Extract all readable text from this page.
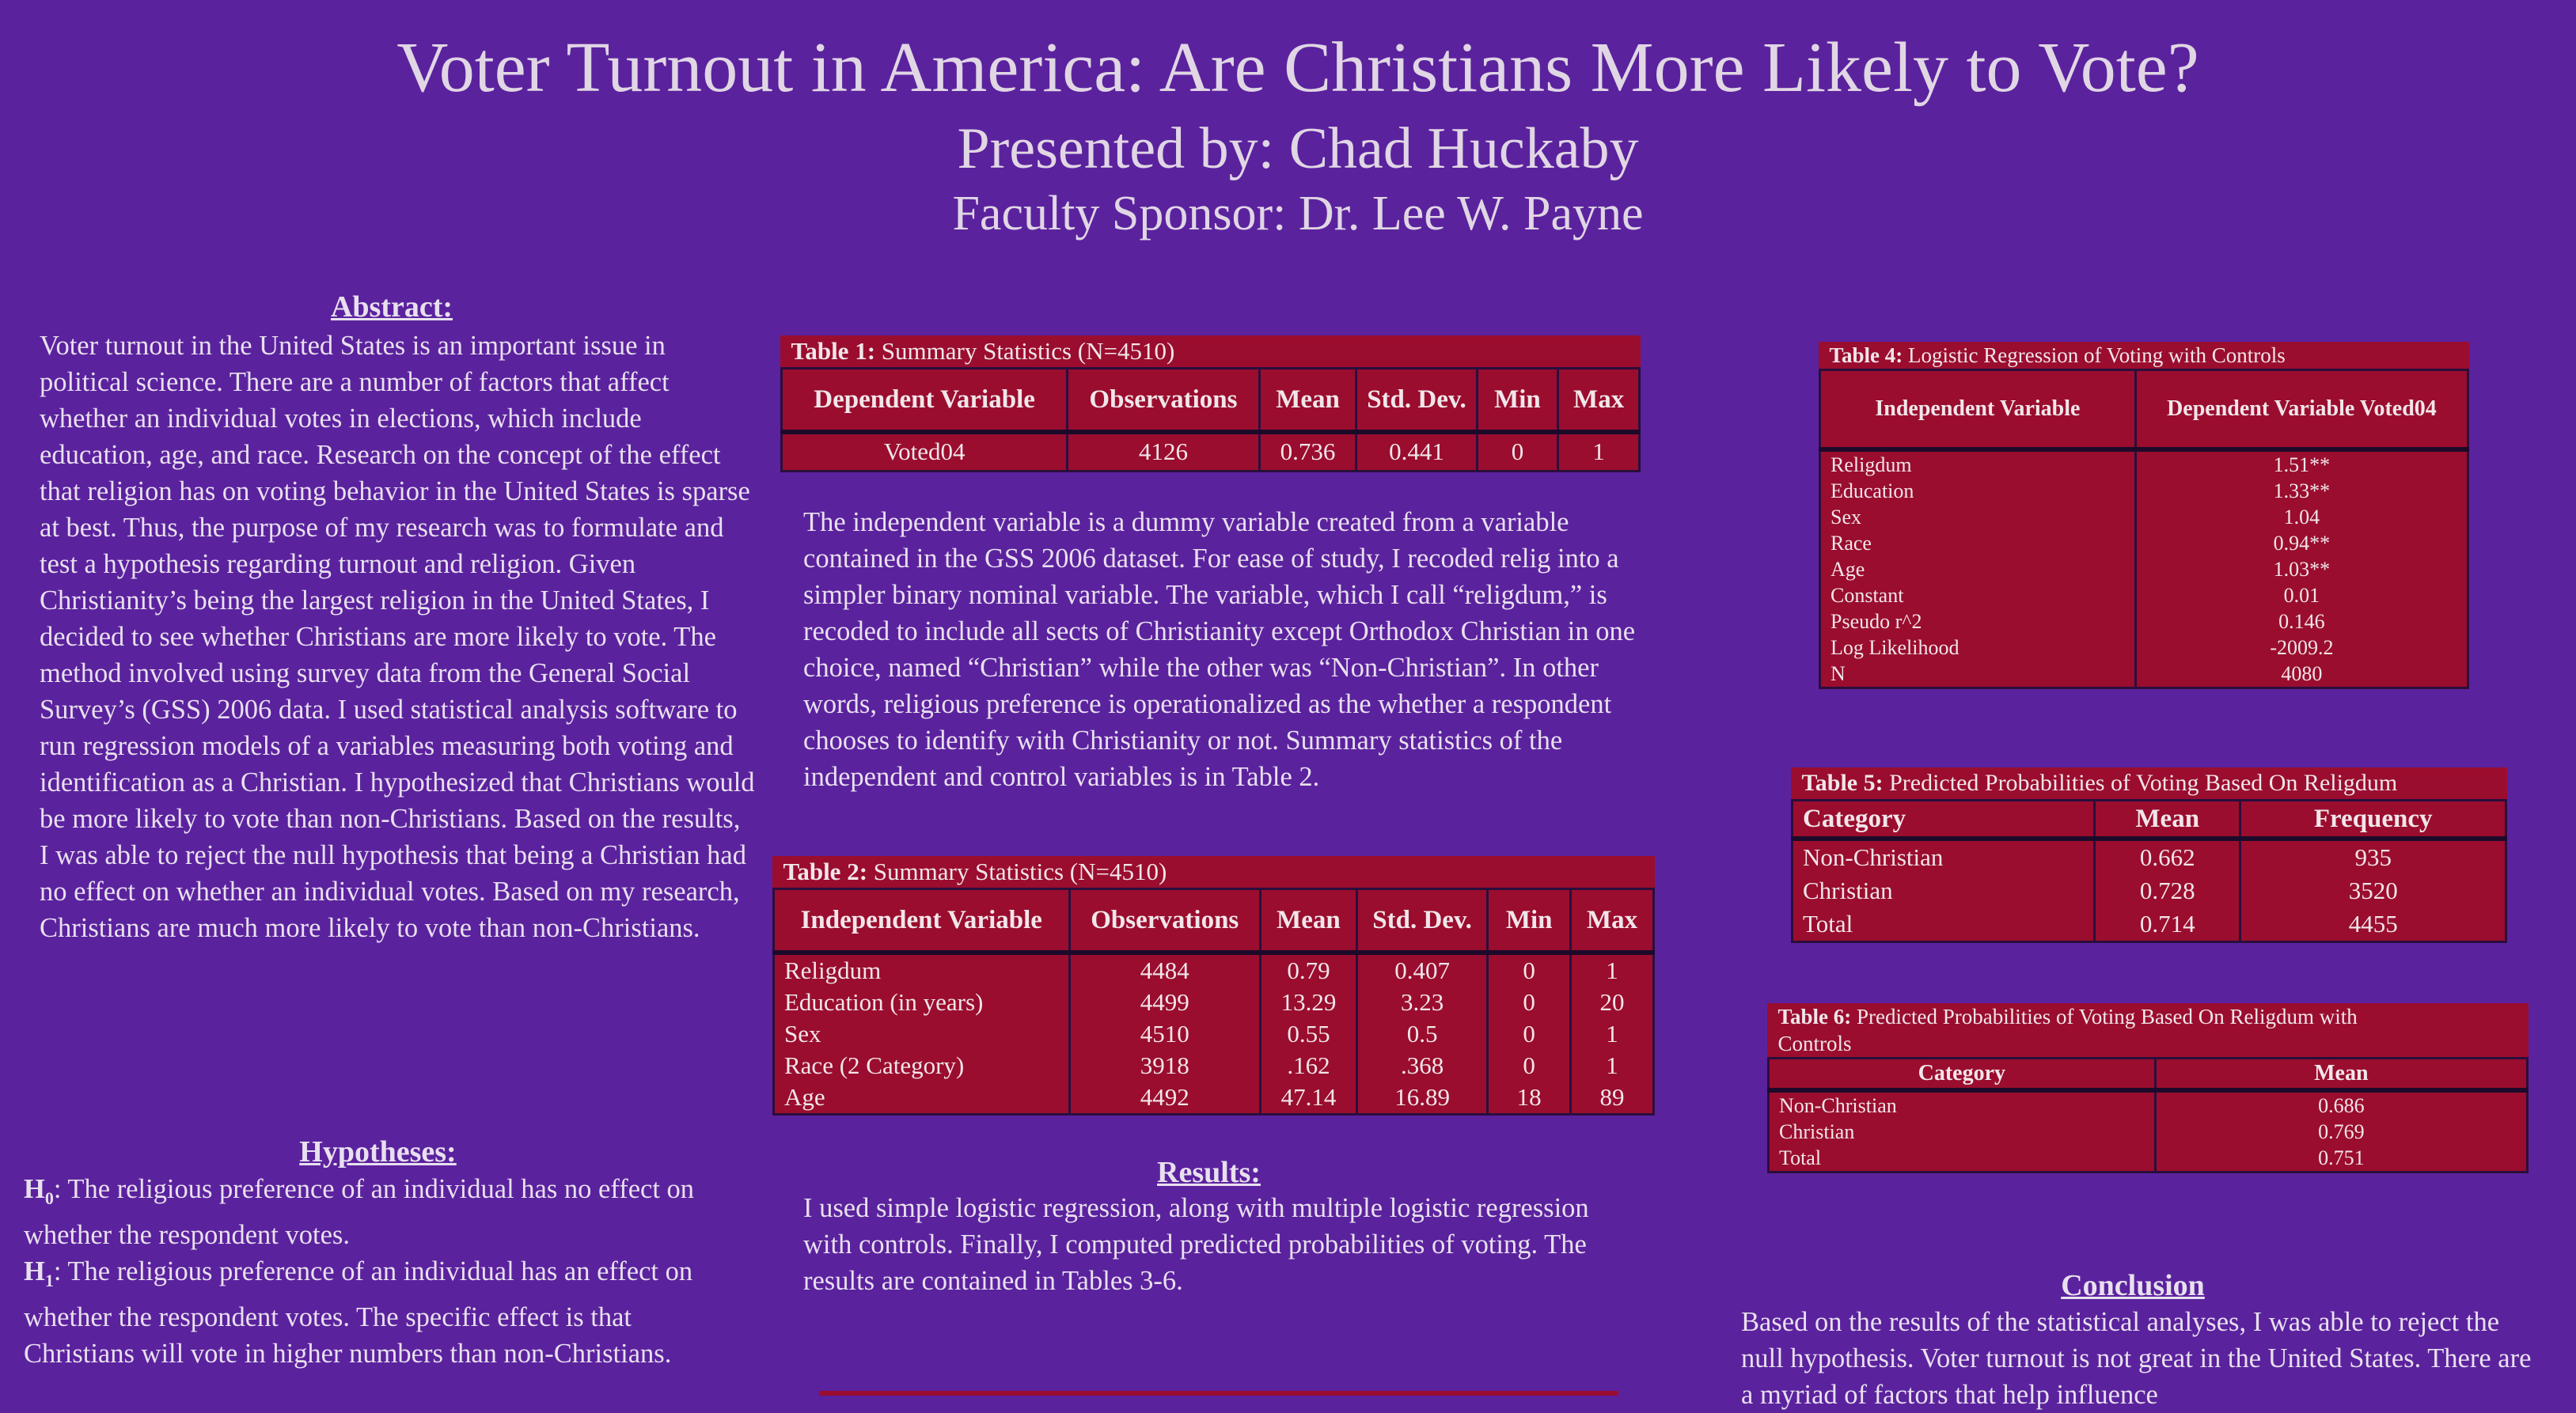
Voter Turnout in America: Are Christians More Likely to Vote?
Presented by: Chad Huckaby
Faculty Sponsor: Dr. Lee W. Payne
Abstract:

Voter turnout in the United States is an important issue in political science. There are a number of factors that affect whether an individual votes in elections, which include education, age, and race. Research on the concept of the effect that religion has on voting behavior in the United States is sparse at best. Thus, the purpose of my research was to formulate and test a hypothesis regarding turnout and religion. Given Christianity’s being the largest religion in the United States, I decided to see whether Christians are more likely to vote. The method involved using survey data from the General Social Survey’s (GSS) 2006 data. I used statistical analysis software to run regression models of a variables measuring both voting and identification as a Christian. I hypothesized that Christians would be more likely to vote than non-Christians. Based on the results, I was able to reject the null hypothesis that being a Christian had no effect on whether an individual votes. Based on my research, Christians are much more likely to vote than non-Christians.

Hypotheses:

$H_0$: The religious preference of an individual has no effect on whether the respondent votes.

$H_1$: The religious preference of an individual has an effect on whether the respondent votes. The specific effect is that Christians will vote in higher numbers than non-Christians.

Table 1: Summary Statistics (N=4510)					
Dependent Variable	Observations	Mean	Std. Dev.	Min	Max
Voted04	4126	0.736	0.441	0	1

The independent variable is a dummy variable created from a variable contained in the GSS 2006 dataset. For ease of study, I recoded relig into a simpler binary nominal variable. The variable, which I call “religdum,” is recoded to include all sects of Christianity except Orthodox Christian in one choice, named “Christian” while the other was “Non-Christian”. In other words, religious preference is operationalized as the whether a respondent chooses to identify with Christianity or not. Summary statistics of the independent and control variables is in Table 2.

Table 2: Summary Statistics (N=4510)					
Independent Variable	Observations	Mean	Std. Dev.	Min	Max
Religdum	4484	0.79	0.407	0	1
Education (in years)	4499	13.29	3.23	0	20
Sex	4510	0.55	0.5	0	1
Race (2 Category)	3918	.162	.368	0	1
Age	4492	47.14	16.89	18	89
Results:

I used simple logistic regression, along with multiple logistic regression with controls. Finally, I computed predicted probabilities of voting. The results are contained in Tables 3-6.

Table 4: Logistic Regression of Voting with Controls	
Independent Variable	Dependent Variable Voted04
Religdum	1.51**
Education	1.33**
Sex	1.04
Race	0.94**
Age	1.03**
Constant	0.01
Pseudo r^2	0.146
Log Likelihood	-2009.2
N	4080
Table 5: Predicted Probabilities of Voting Based On Religdum		
Category	Mean	Frequency
Non-Christian	0.662	935
Christian	0.728	3520
Total	0.714	4455
Table 6: Predicted Probabilities of Voting Based On Religdum with Controls	
Category	Mean
Non-Christian	0.686
Christian	0.769
Total	0.751
Conclusion

Based on the results of the statistical analyses, I was able to reject the null hypothesis. Voter turnout is not great in the United States. There are a myriad of factors that help influence
